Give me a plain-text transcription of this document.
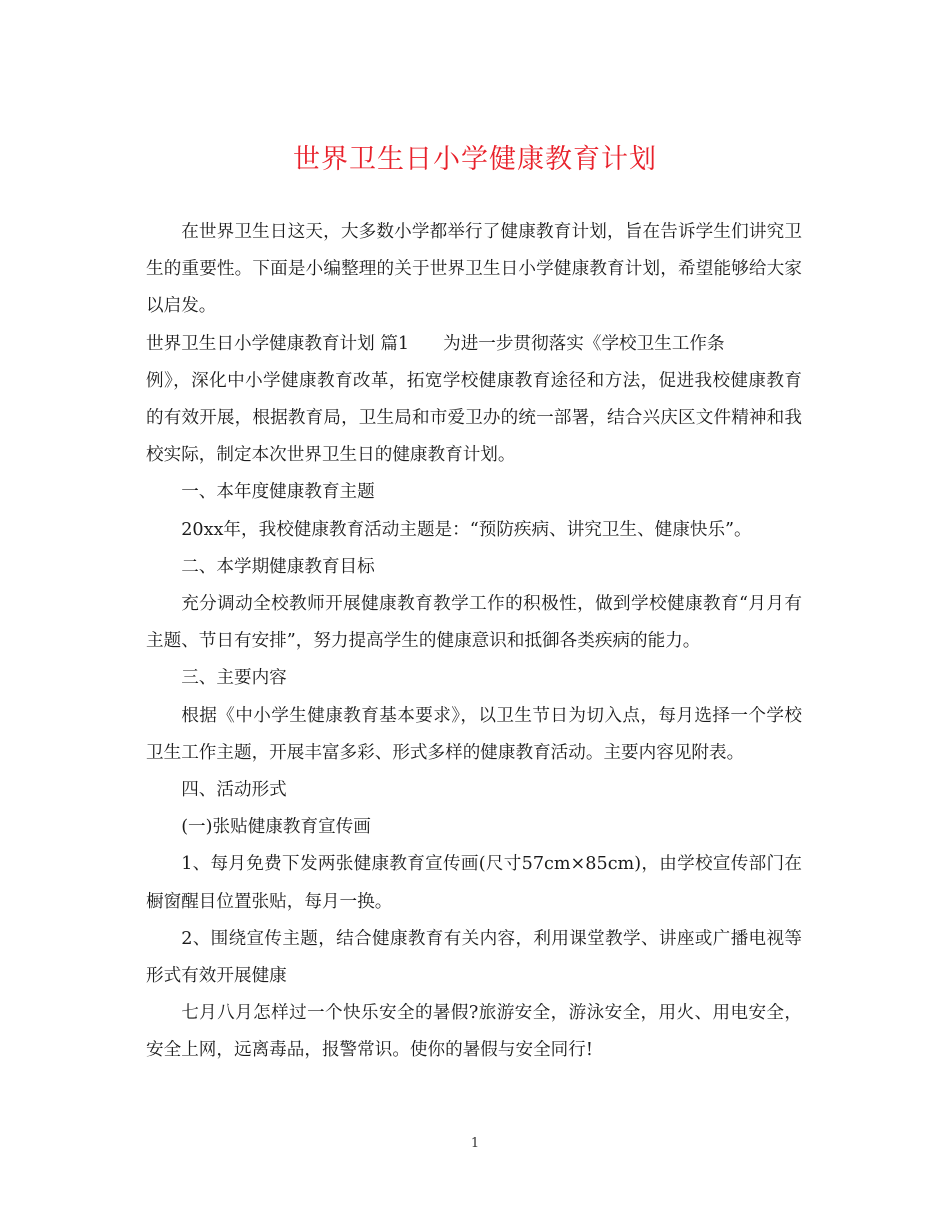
世界卫生日小学健康教育计划

在世界卫生日这天，大多数小学都举行了健康教育计划，旨在告诉学生们讲究卫生的重要性。下面是小编整理的关于世界卫生日小学健康教育计划，希望能够给大家以启发。

世界卫生日小学健康教育计划 篇1 为进一步贯彻落实《学校卫生工作条
例》，深化中小学健康教育改革，拓宽学校健康教育途径和方法，促进我校健康教育的有效开展，根据教育局，卫生局和市爱卫办的统一部署，结合兴庆区文件精神和我校实际，制定本次世界卫生日的健康教育计划。

一、本年度健康教育主题

20xx年，我校健康教育活动主题是：“预防疾病、讲究卫生、健康快乐”。

二、本学期健康教育目标

充分调动全校教师开展健康教育教学工作的积极性，做到学校健康教育“月月有主题、节日有安排”，努力提高学生的健康意识和抵御各类疾病的能力。

三、主要内容

根据《中小学生健康教育基本要求》，以卫生节日为切入点，每月选择一个学校卫生工作主题，开展丰富多彩、形式多样的健康教育活动。主要内容见附表。

四、活动形式

(一)张贴健康教育宣传画

1、每月免费下发两张健康教育宣传画(尺寸57cm×85cm)，由学校宣传部门在橱窗醒目位置张贴，每月一换。

2、围绕宣传主题，结合健康教育有关内容，利用课堂教学、讲座或广播电视等形式有效开展健康

七月八月怎样过一个快乐安全的暑假?旅游安全，游泳安全，用火、用电安全，安全上网，远离毒品，报警常识。使你的暑假与安全同行!

1
